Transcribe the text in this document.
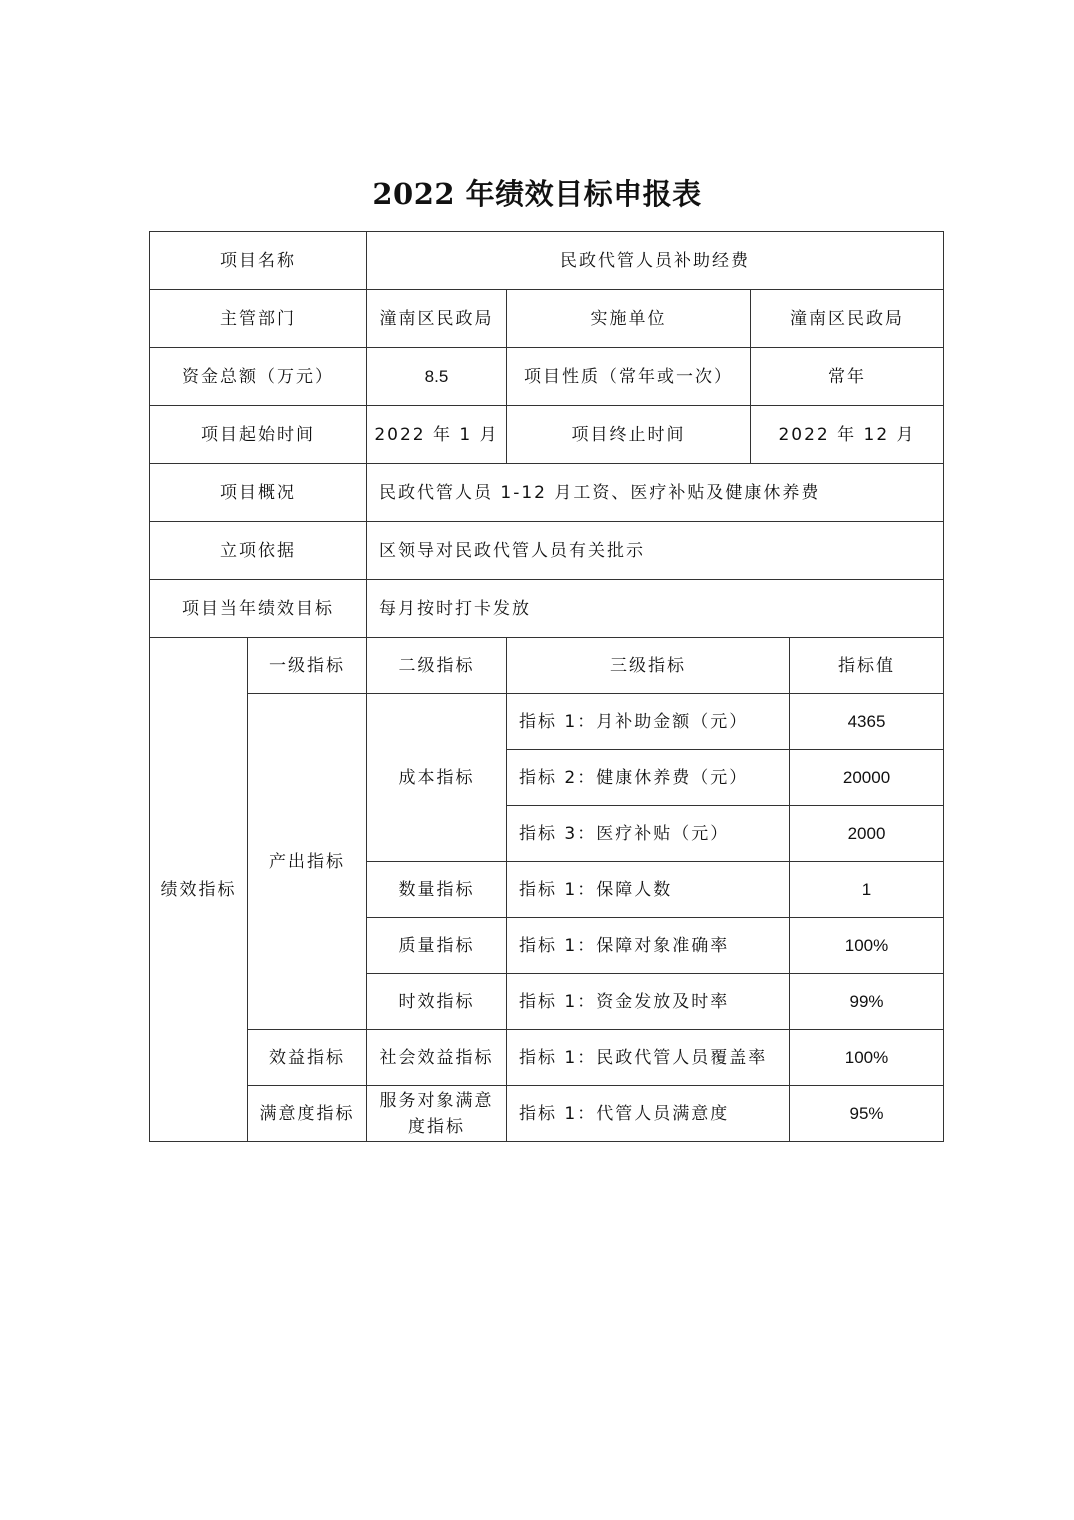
2022 年绩效目标申报表
项目名称		民政代管人员补助经费			
主管部门		潼南区民政局	实施单位	潼南区民政局	
资金总额（万元）		8.5	项目性质（常年或一次）	常年	
项目起始时间		2022 年 1 月	项目终止时间	2022 年 12 月	
项目概况		民政代管人员 1-12 月工资、医疗补贴及健康休养费			
立项依据		区领导对民政代管人员有关批示			
项目当年绩效目标		每月按时打卡发放			
绩效指标	一级指标	二级指标	三级指标		指标值
	产出指标	成本指标	指标 1：月补助金额（元）		4365
			指标 2：健康休养费（元）		20000
			指标 3：医疗补贴（元）		2000
		数量指标	指标 1：保障人数		1
		质量指标	指标 1：保障对象准确率		100%
		时效指标	指标 1：资金发放及时率		99%
	效益指标	社会效益指标	指标 1：民政代管人员覆盖率		100%
	满意度指标	服务对象满意度指标	指标 1：代管人员满意度		95%
